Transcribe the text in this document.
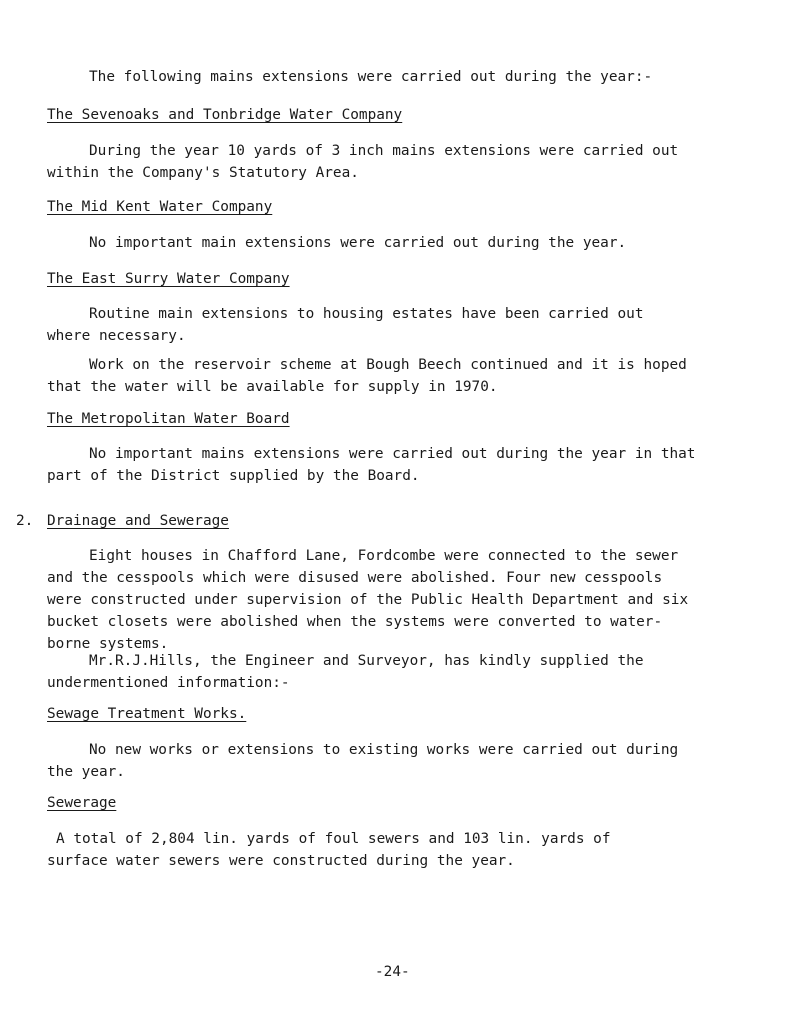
The following mains extensions were carried out during the year:-
The Sevenoaks and Tonbridge Water Company
During the year 10 yards of 3 inch mains extensions were carried out
within the Company's Statutory Area.
The Mid Kent Water Company
No important main extensions were carried out during the year.
The East Surry Water Company
Routine main extensions to housing estates have been carried out
where necessary.
Work on the reservoir scheme at Bough Beech continued and it is hoped
that the water will be available for supply in 1970.
The Metropolitan Water Board
No important mains extensions were carried out during the year in that
part of the District supplied by the Board.
2. Drainage and Sewerage
Eight houses in Chafford Lane, Fordcombe were connected to the sewer
and the cesspools which were disused were abolished. Four new cesspools
were constructed under supervision of the Public Health Department and six
bucket closets were abolished when the systems were converted to water-
borne systems.
Mr.R.J.Hills, the Engineer and Surveyor, has kindly supplied the
undermentioned information:-
Sewage Treatment Works.
No new works or extensions to existing works were carried out during
the year.
Sewerage
A total of 2,804 lin. yards of foul sewers and 103 lin. yards of
surface water sewers were constructed during the year.
-24-
